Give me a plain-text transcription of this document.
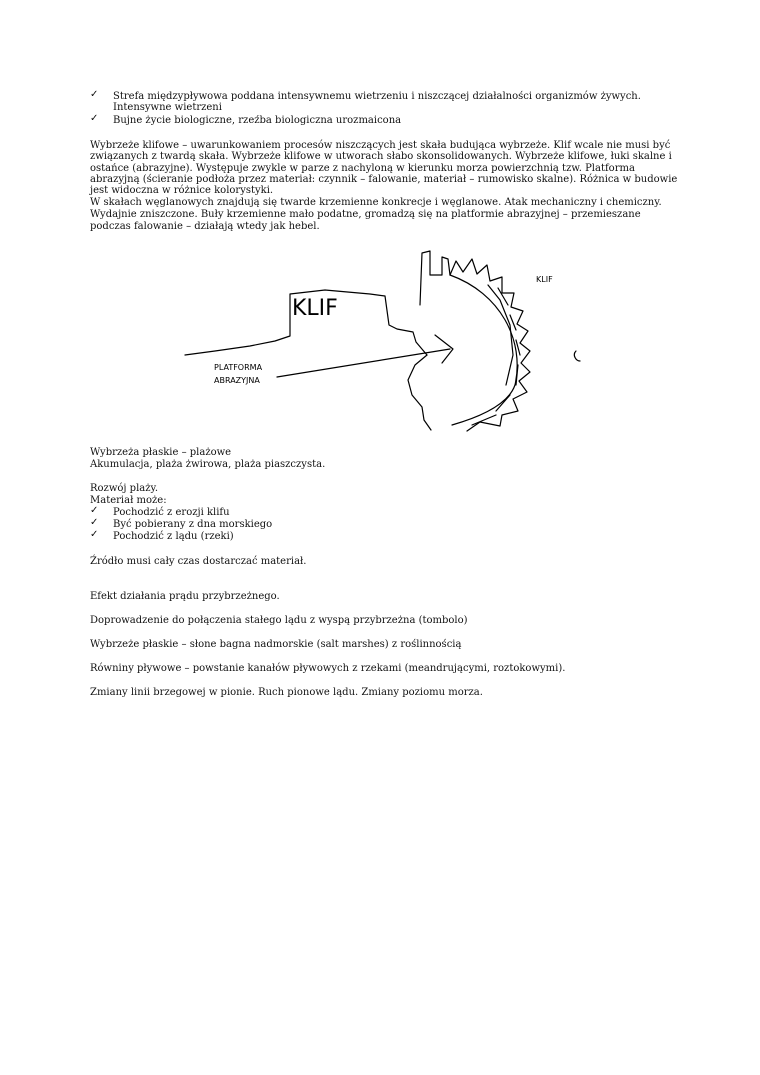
✓ Strefa międzypływowa poddana intensywnemu wietrzeniu i niszczącej działalności organizmów żywych.
Intensywne wietrzeni
✓ Bujne życie biologiczne, rzeźba biologiczna urozmaicona
Wybrzeże klifowe – uwarunkowaniem procesów niszczących jest skała budująca wybrzeże. Klif wcale nie musi być
związanych z twardą skała. Wybrzeże klifowe w utworach słabo skonsolidowanych. Wybrzeże klifowe, łuki skalne i
ostańce (abrazyjne). Występuje zwykle w parze z nachyloną w kierunku morza powierzchnią tzw. Platforma
abrazyjną (ścieranie podłoża przez materiał: czynnik – falowanie, materiał – rumowisko skalne). Różnica w budowie
jest widoczna w różnice kolorystyki.
W skałach węglanowych znajdują się twarde krzemienne konkrecje i węglanowe. Atak mechaniczny i chemiczny.
Wydajnie zniszczone. Buły krzemienne mało podatne, gromadzą się na platformie abrazyjnej – przemieszane
podczas falowanie – działają wtedy jak hebel.
KLIF
KLIF
PLATFORMA
ABRAZYJNA
Wybrzeża płaskie – plażowe
Akumulacja, plaża żwirowa, plaża piaszczysta.
Rozwój plaży.
Materiał może:
✓ Pochodzić z erozji klifu
✓ Być pobierany z dna morskiego
✓ Pochodzić z lądu (rzeki)
Źródło musi cały czas dostarczać materiał.
Efekt działania prądu przybrzeżnego.
Doprowadzenie do połączenia stałego lądu z wyspą przybrzeżna (tombolo)
Wybrzeże płaskie – słone bagna nadmorskie (salt marshes) z roślinnością
Równiny pływowe – powstanie kanałów pływowych z rzekami (meandrującymi, roztokowymi).
Zmiany linii brzegowej w pionie. Ruch pionowe lądu. Zmiany poziomu morza.
